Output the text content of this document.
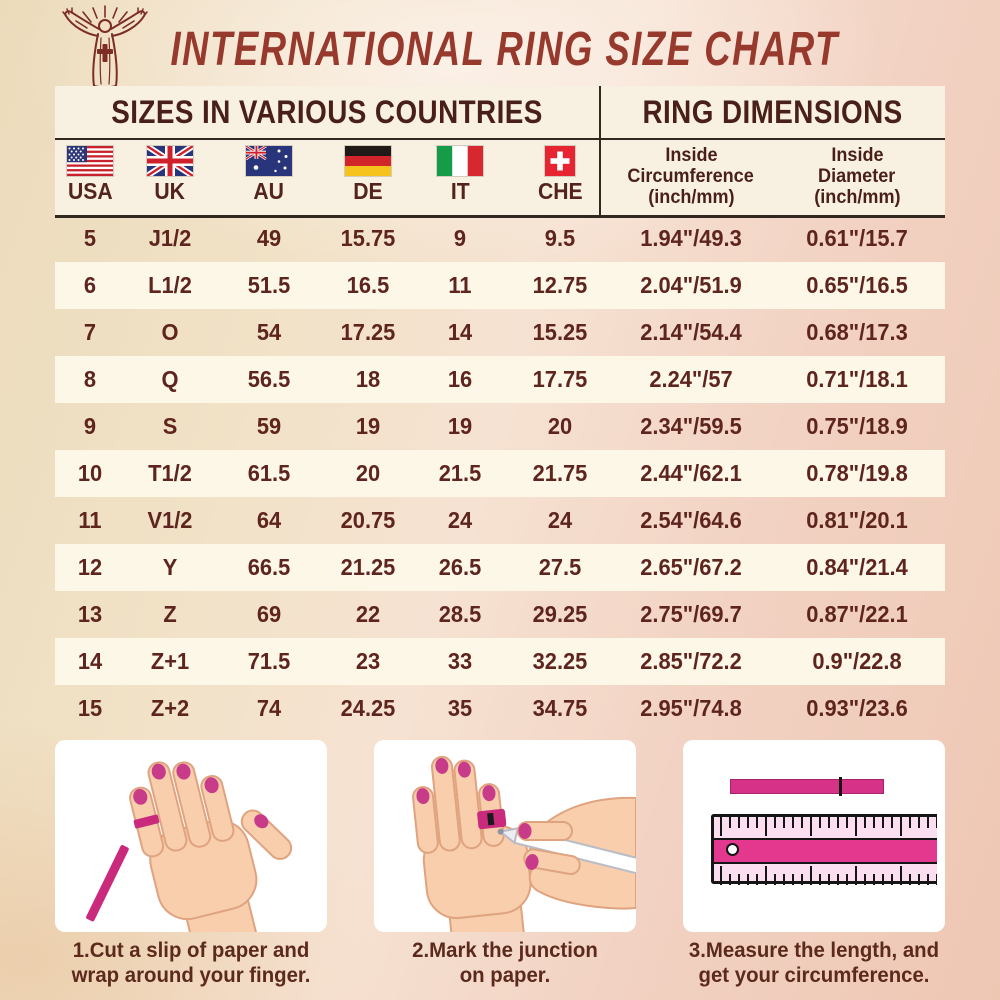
INTERNATIONAL RING SIZE CHART
SIZES IN VARIOUS COUNTRIES	RING DIMENSIONS
USA UK	AU	DE	IT	CHE
Inside
Circumference
(inch/mm)
Inside
Diameter
(inch/mm)
5	J1/2	49	15.75	9	9.5	1.94"/49.3	0.61"/15.7
6	L1/2	51.5	16.5	11	12.75	2.04"/51.9	0.65"/16.5
7	O	54	17.25	14	15.25	2.14"/54.4	0.68"/17.3
8	Q	56.5	18	16	17.75	2.24"/57	0.71"/18.1
9	S	59	19	19	20	2.34"/59.5	0.75"/18.9
10	T1/2	61.5	20	21.5	21.75	2.44"/62.1	0.78"/19.8
11	V1/2	64	20.75	24	24	2.54"/64.6	0.81"/20.1
12	Y	66.5	21.25	26.5	27.5	2.65"/67.2	0.84"/21.4
13	Z	69	22	28.5	29.25	2.75"/69.7	0.87"/22.1
14	Z+1	71.5	23	33	32.25	2.85"/72.2	0.9"/22.8
15	Z+2	74	24.25	35	34.75	2.95"/74.8	0.93"/23.6
1.Cut a slip of paper and
wrap around your finger.
2.Mark the junction
on paper.
3.Measure the length, and
get your circumference.
